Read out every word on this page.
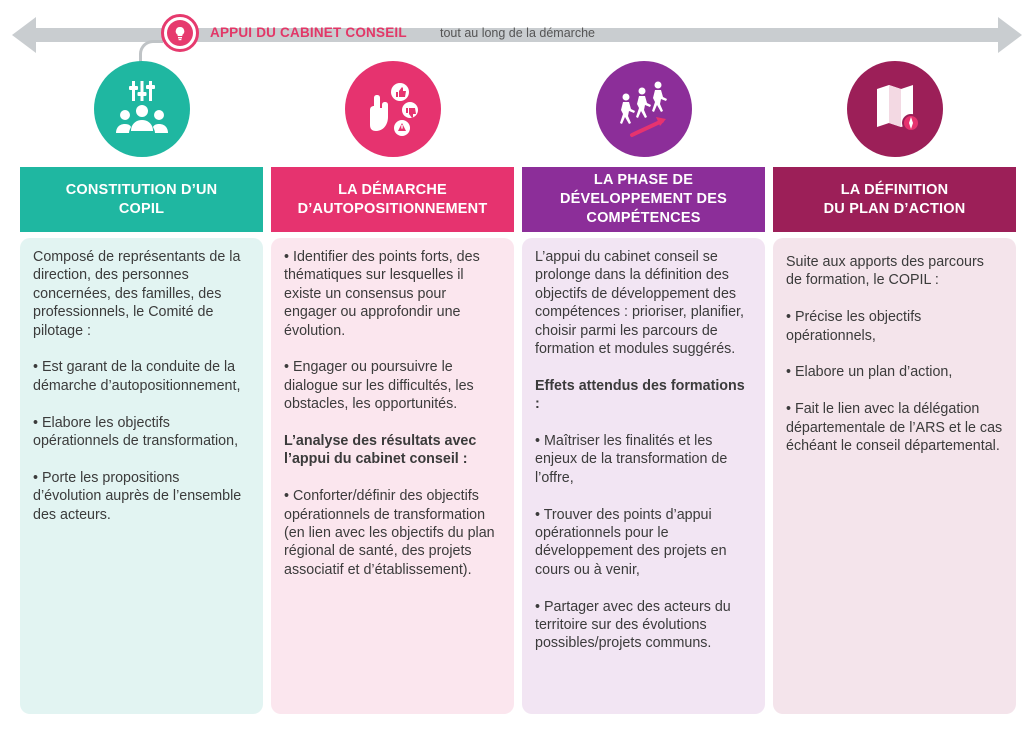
APPUI DU CABINET CONSEIL	tout au long de la démarche
CONSTITUTION D’UN
COPIL
LA DÉMARCHE
D’AUTOPOSITIONNEMENT
LA PHASE DE
DÉVELOPPEMENT DES
COMPÉTENCES
LA DÉFINITION
DU PLAN D’ACTION

Composé de représentants de la direction, des personnes concernées, des familles, des professionnels, le Comité de pilotage :

• Est garant de la conduite de la démarche d’autopositionnement,

• Elabore les objectifs opérationnels de transformation,

• Porte les propositions d’évolution auprès de l’ensemble des acteurs.

• Identifier des points forts, des thématiques sur lesquelles il existe un consensus pour engager ou approfondir une évolution.

• Engager ou poursuivre le dialogue sur les difficultés, les obstacles, les opportunités.

L’analyse des résultats avec l’appui du cabinet conseil :

• Conforter/définir des objectifs opérationnels de transformation (en lien avec les objectifs du plan régional de santé, des projets associatif et d’établissement).

L’appui du cabinet conseil se prolonge dans la définition des objectifs de développement des compétences : prioriser, planifier, choisir parmi les parcours de formation et modules suggérés.

Effets attendus des formations :

• Maîtriser les finalités et les enjeux de la transformation de l’offre,

• Trouver des points d’appui opérationnels pour le développement des projets en cours ou à venir,

• Partager avec des acteurs du territoire sur des évolutions possibles/projets communs.

Suite aux apports des parcours de formation, le COPIL :

• Précise les objectifs opérationnels,

• Elabore un plan d’action,

• Fait le lien avec la délégation départementale de l’ARS et le cas échéant le conseil départemental.
